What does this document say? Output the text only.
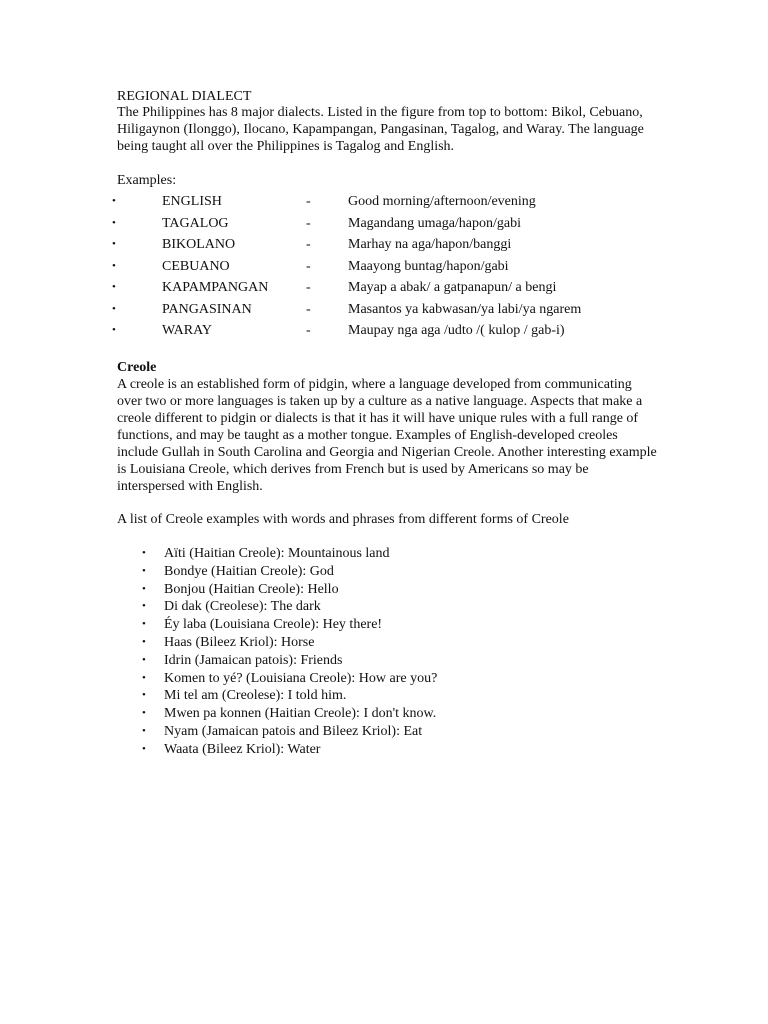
REGIONAL DIALECT

The Philippines has 8 major dialects. Listed in the figure from top to bottom: Bikol, Cebuano, Hiligaynon (Ilonggo), Ilocano, Kapampangan, Pangasinan, Tagalog, and Waray. The language being taught all over the Philippines is Tagalog and English.

Examples:

•	ENGLISH	-	Good morning/afternoon/evening
•	TAGALOG	-	Magandang umaga/hapon/gabi
•	BIKOLANO	-	Marhay na aga/hapon/banggi
•	CEBUANO	-	Maayong buntag/hapon/gabi
•	KAPAMPANGAN	-	Mayap a abak/ a gatpanapun/ a bengi
•	PANGASINAN	-	Masantos ya kabwasan/ya labi/ya ngarem
•	WARAY	-	Maupay nga aga /udto /( kulop / gab-i)
Creole

A creole is an established form of pidgin, where a language developed from communicating over two or more languages is taken up by a culture as a native language. Aspects that make a creole different to pidgin or dialects is that it has it will have unique rules with a full range of functions, and may be taught as a mother tongue. Examples of English-developed creoles include Gullah in South Carolina and Georgia and Nigerian Creole. Another interesting example is Louisiana Creole, which derives from French but is used by Americans so may be interspersed with English.

A list of Creole examples with words and phrases from different forms of Creole

• Aïti (Haitian Creole): Mountainous land
• Bondye (Haitian Creole): God
• Bonjou (Haitian Creole): Hello
• Di dak (Creolese): The dark
• Éy laba (Louisiana Creole): Hey there!
• Haas (Bileez Kriol): Horse
• Idrin (Jamaican patois): Friends
• Komen to yé? (Louisiana Creole): How are you?
• Mi tel am (Creolese): I told him.
• Mwen pa konnen (Haitian Creole): I don't know.
• Nyam (Jamaican patois and Bileez Kriol): Eat
• Waata (Bileez Kriol): Water
